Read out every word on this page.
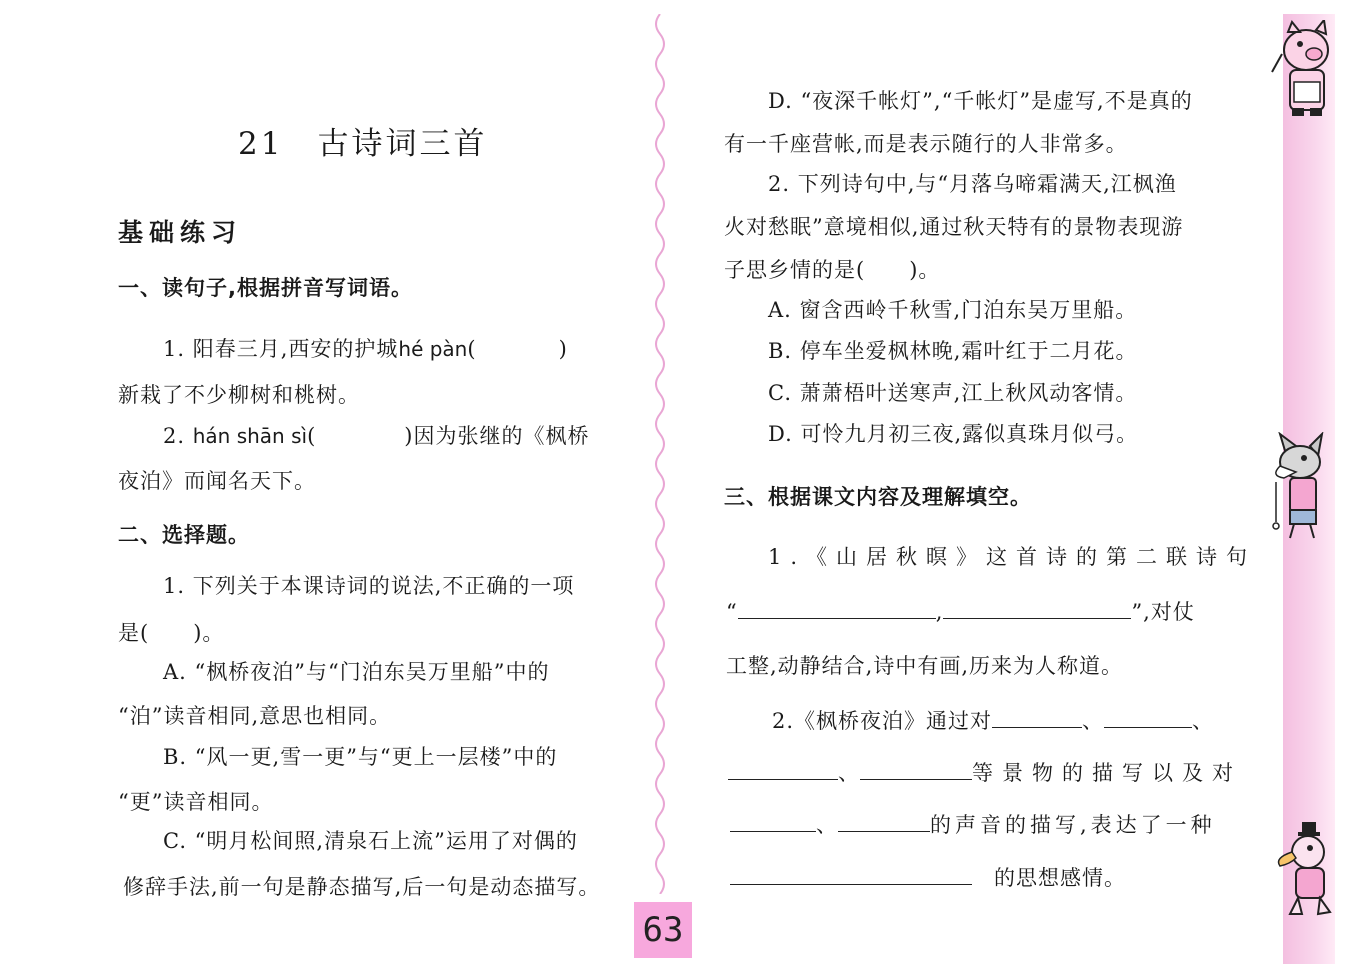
63
21　古诗词三首
基础练习
一、读句子,根据拼音写词语。
1. 阳春三月,西安的护城hé pàn(	)
新栽了不少柳树和桃树。
2. hán shān sì(	)因为张继的《枫桥
夜泊》而闻名天下。
二、选择题。
1. 下列关于本课诗词的说法,不正确的一项
是(　　)。
A. “枫桥夜泊”与“门泊东吴万里船”中的
“泊”读音相同,意思也相同。
B. “风一更,雪一更”与“更上一层楼”中的
“更”读音相同。
C. “明月松间照,清泉石上流”运用了对偶的
修辞手法,前一句是静态描写,后一句是动态描写。
D. “夜深千帐灯”,“千帐灯”是虚写,不是真的
有一千座营帐,而是表示随行的人非常多。
2. 下列诗句中,与“月落乌啼霜满天,江枫渔
火对愁眠”意境相似,通过秋天特有的景物表现游
子思乡情的是(　　)。
A. 窗含西岭千秋雪,门泊东吴万里船。
B. 停车坐爱枫林晚,霜叶红于二月花。
C. 萧萧梧叶送寒声,江上秋风动客情。
D. 可怜九月初三夜,露似真珠月似弓。
三、根据课文内容及理解填空。
1.《山居秋暝》这首诗的第二联诗句
“	,	”,对仗
工整,动静结合,诗中有画,历来为人称道。
2.《枫桥夜泊》通过对	、	、
、	等景物的描写以及对
、	的声音的描写,表达了一种
　的思想感情。
